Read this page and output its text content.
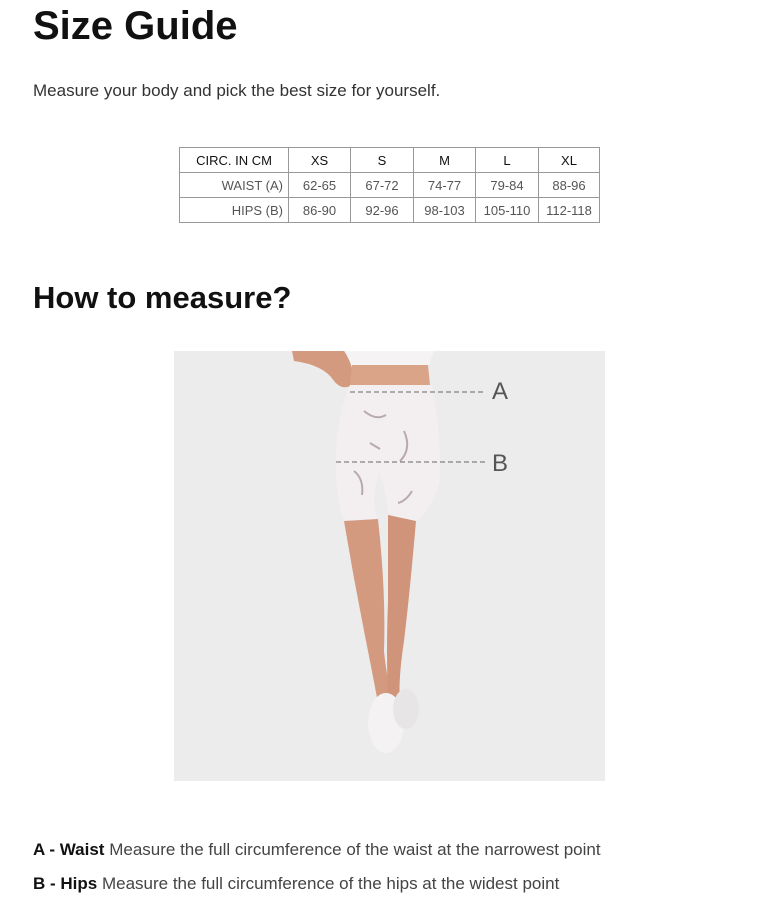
Size Guide

Measure your body and pick the best size for yourself.

CIRC. IN CM	XS	S	M	L	XL
WAIST (A)	62-65	67-72	74-77	79-84	88-96
HIPS (B)	86-90	92-96	98-103	105-110	112-118
How to measure?
A
B

A - Waist Measure the full circumference of the waist at the narrowest point

B - Hips Measure the full circumference of the hips at the widest point
